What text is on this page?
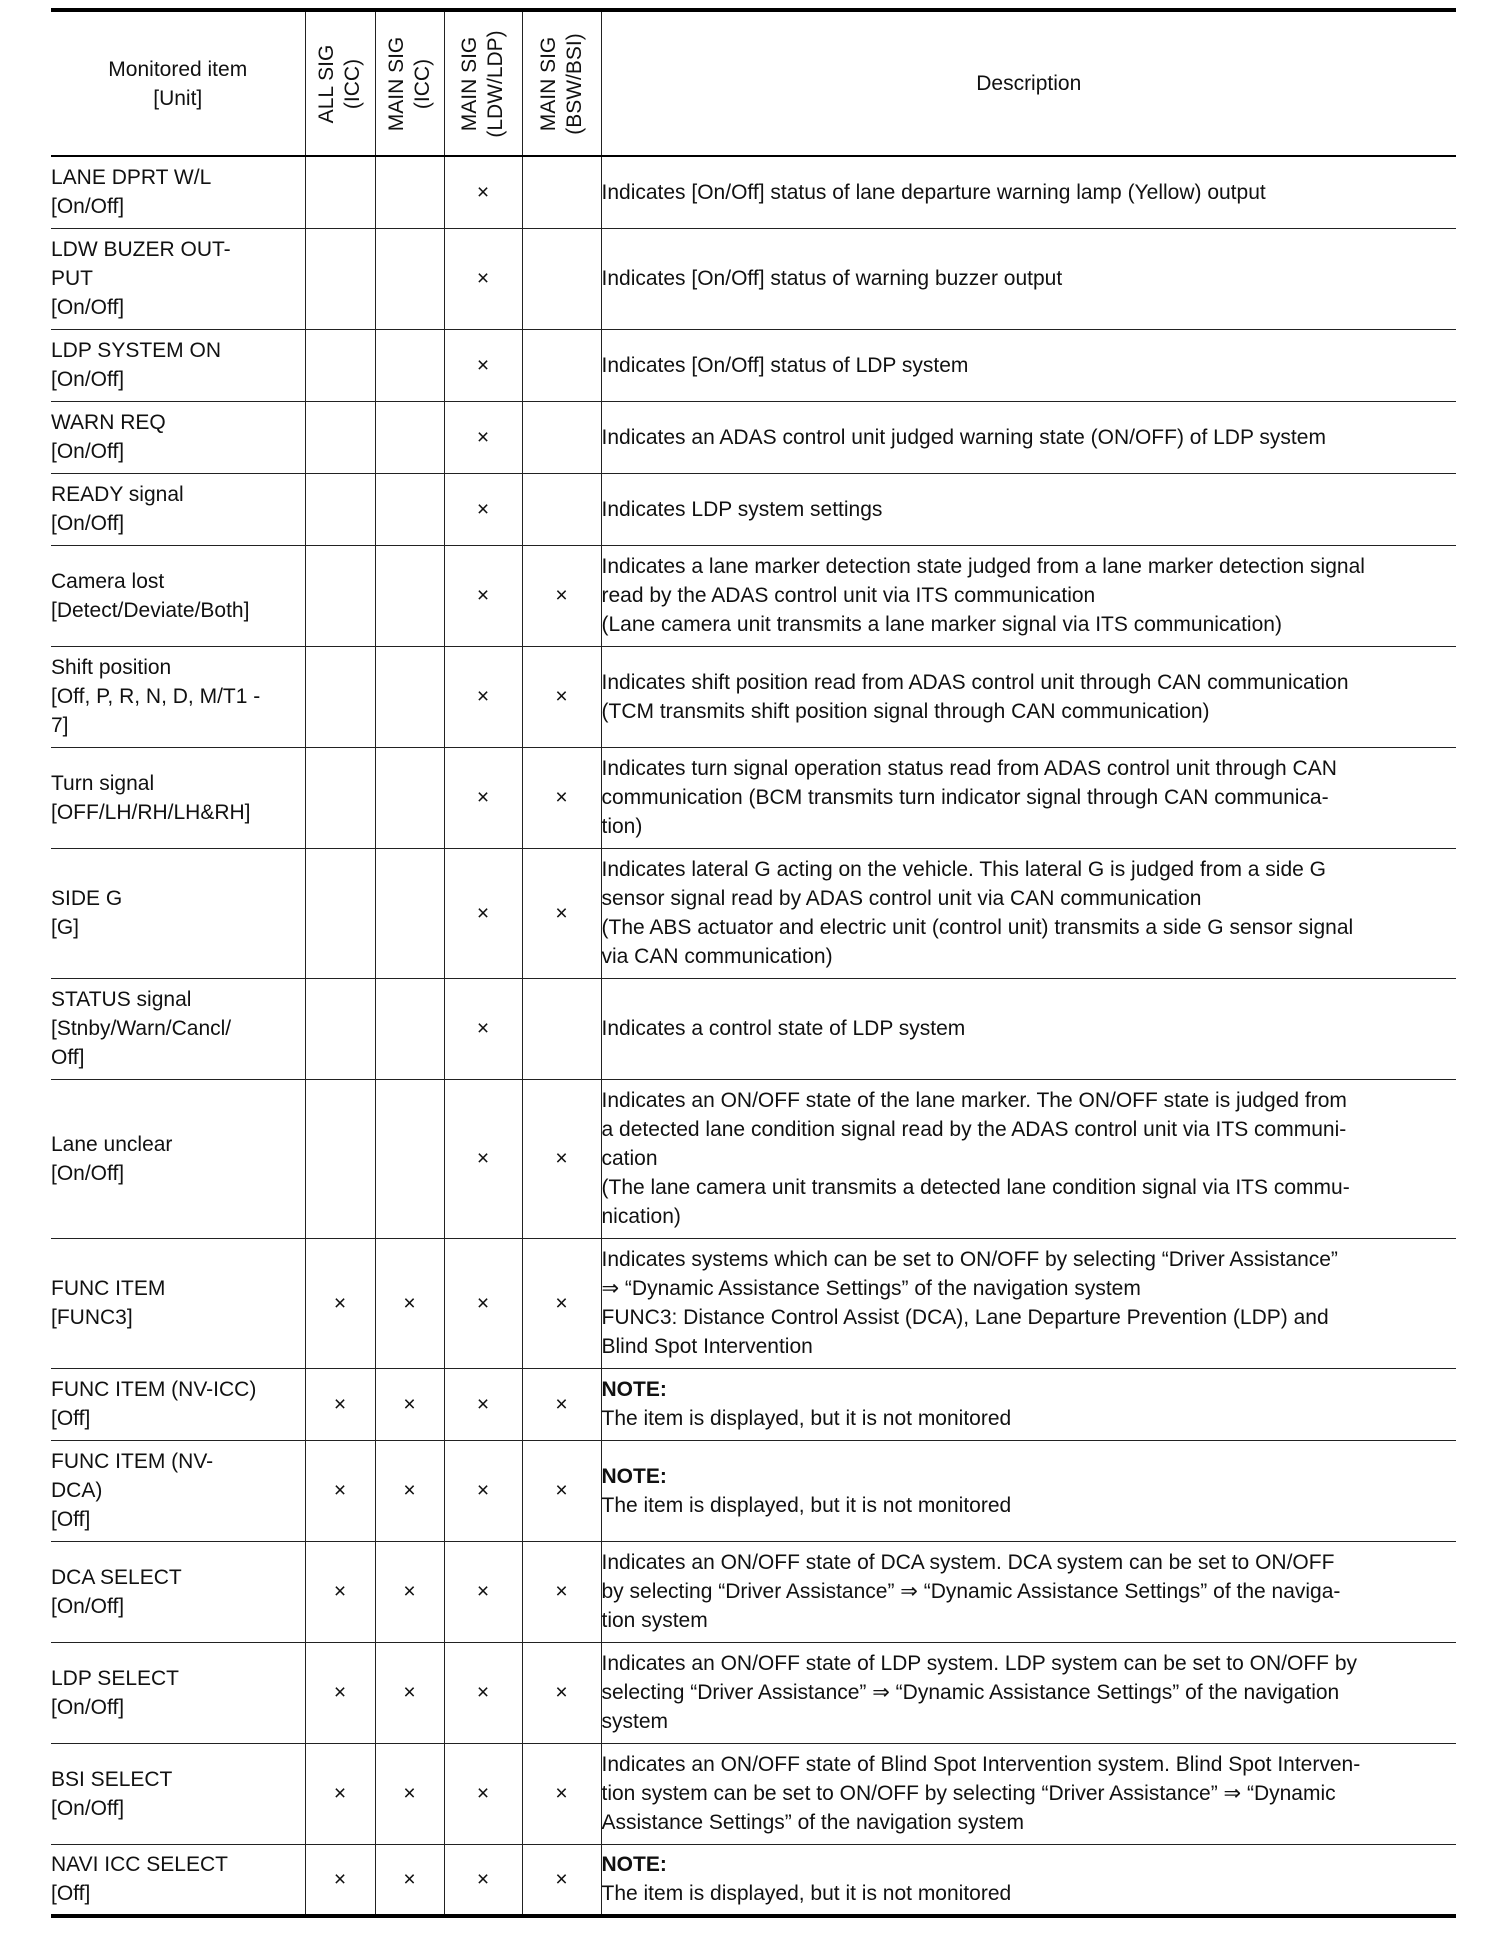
Monitored item
[Unit]	ALL SIG (ICC)	MAIN SIG (ICC)	MAIN SIG (LDW/LDP)	MAIN SIG (BSW/BSI)	Description

LANE DPRT W/L
[On/Off]			×		Indicates [On/Off] status of lane departure warning lamp (Yellow) output

LDW BUZER OUT-
PUT
[On/Off]			×		Indicates [On/Off] status of warning buzzer output

LDP SYSTEM ON
[On/Off]			×		Indicates [On/Off] status of LDP system

WARN REQ
[On/Off]			×		Indicates an ADAS control unit judged warning state (ON/OFF) of LDP system

READY signal
[On/Off]			×		Indicates LDP system settings

Camera lost
[Detect/Deviate/Both]			×	×	Indicates a lane marker detection state judged from a lane marker detection signal
read by the ADAS control unit via ITS communication
(Lane camera unit transmits a lane marker signal via ITS communication)

Shift position
[Off, P, R, N, D, M/T1 -
7]			×	×	Indicates shift position read from ADAS control unit through CAN communication
(TCM transmits shift position signal through CAN communication)

Turn signal
[OFF/LH/RH/LH&RH]			×	×	Indicates turn signal operation status read from ADAS control unit through CAN
communication (BCM transmits turn indicator signal through CAN communica-
tion)

SIDE G
[G]			×	×	Indicates lateral G acting on the vehicle. This lateral G is judged from a side G
sensor signal read by ADAS control unit via CAN communication
(The ABS actuator and electric unit (control unit) transmits a side G sensor signal
via CAN communication)

STATUS signal
[Stnby/Warn/Cancl/
Off]			×		Indicates a control state of LDP system

Lane unclear
[On/Off]			×	×	Indicates an ON/OFF state of the lane marker. The ON/OFF state is judged from
a detected lane condition signal read by the ADAS control unit via ITS communi-
cation
(The lane camera unit transmits a detected lane condition signal via ITS commu-
nication)

FUNC ITEM
[FUNC3]	×	×	×	×	Indicates systems which can be set to ON/OFF by selecting “Driver Assistance”
⇒ “Dynamic Assistance Settings” of the navigation system
FUNC3: Distance Control Assist (DCA), Lane Departure Prevention (LDP) and
Blind Spot Intervention

FUNC ITEM (NV-ICC)
[Off]	×	×	×	×	NOTE:
The item is displayed, but it is not monitored

FUNC ITEM (NV-
DCA)
[Off]	×	×	×	×	NOTE:
The item is displayed, but it is not monitored

DCA SELECT
[On/Off]	×	×	×	×	Indicates an ON/OFF state of DCA system. DCA system can be set to ON/OFF
by selecting “Driver Assistance” ⇒ “Dynamic Assistance Settings” of the naviga-
tion system

LDP SELECT
[On/Off]	×	×	×	×	Indicates an ON/OFF state of LDP system. LDP system can be set to ON/OFF by
selecting “Driver Assistance” ⇒ “Dynamic Assistance Settings” of the navigation
system

BSI SELECT
[On/Off]	×	×	×	×	Indicates an ON/OFF state of Blind Spot Intervention system. Blind Spot Interven-
tion system can be set to ON/OFF by selecting “Driver Assistance” ⇒ “Dynamic
Assistance Settings” of the navigation system

NAVI ICC SELECT
[Off]	×	×	×	×	NOTE:
The item is displayed, but it is not monitored
